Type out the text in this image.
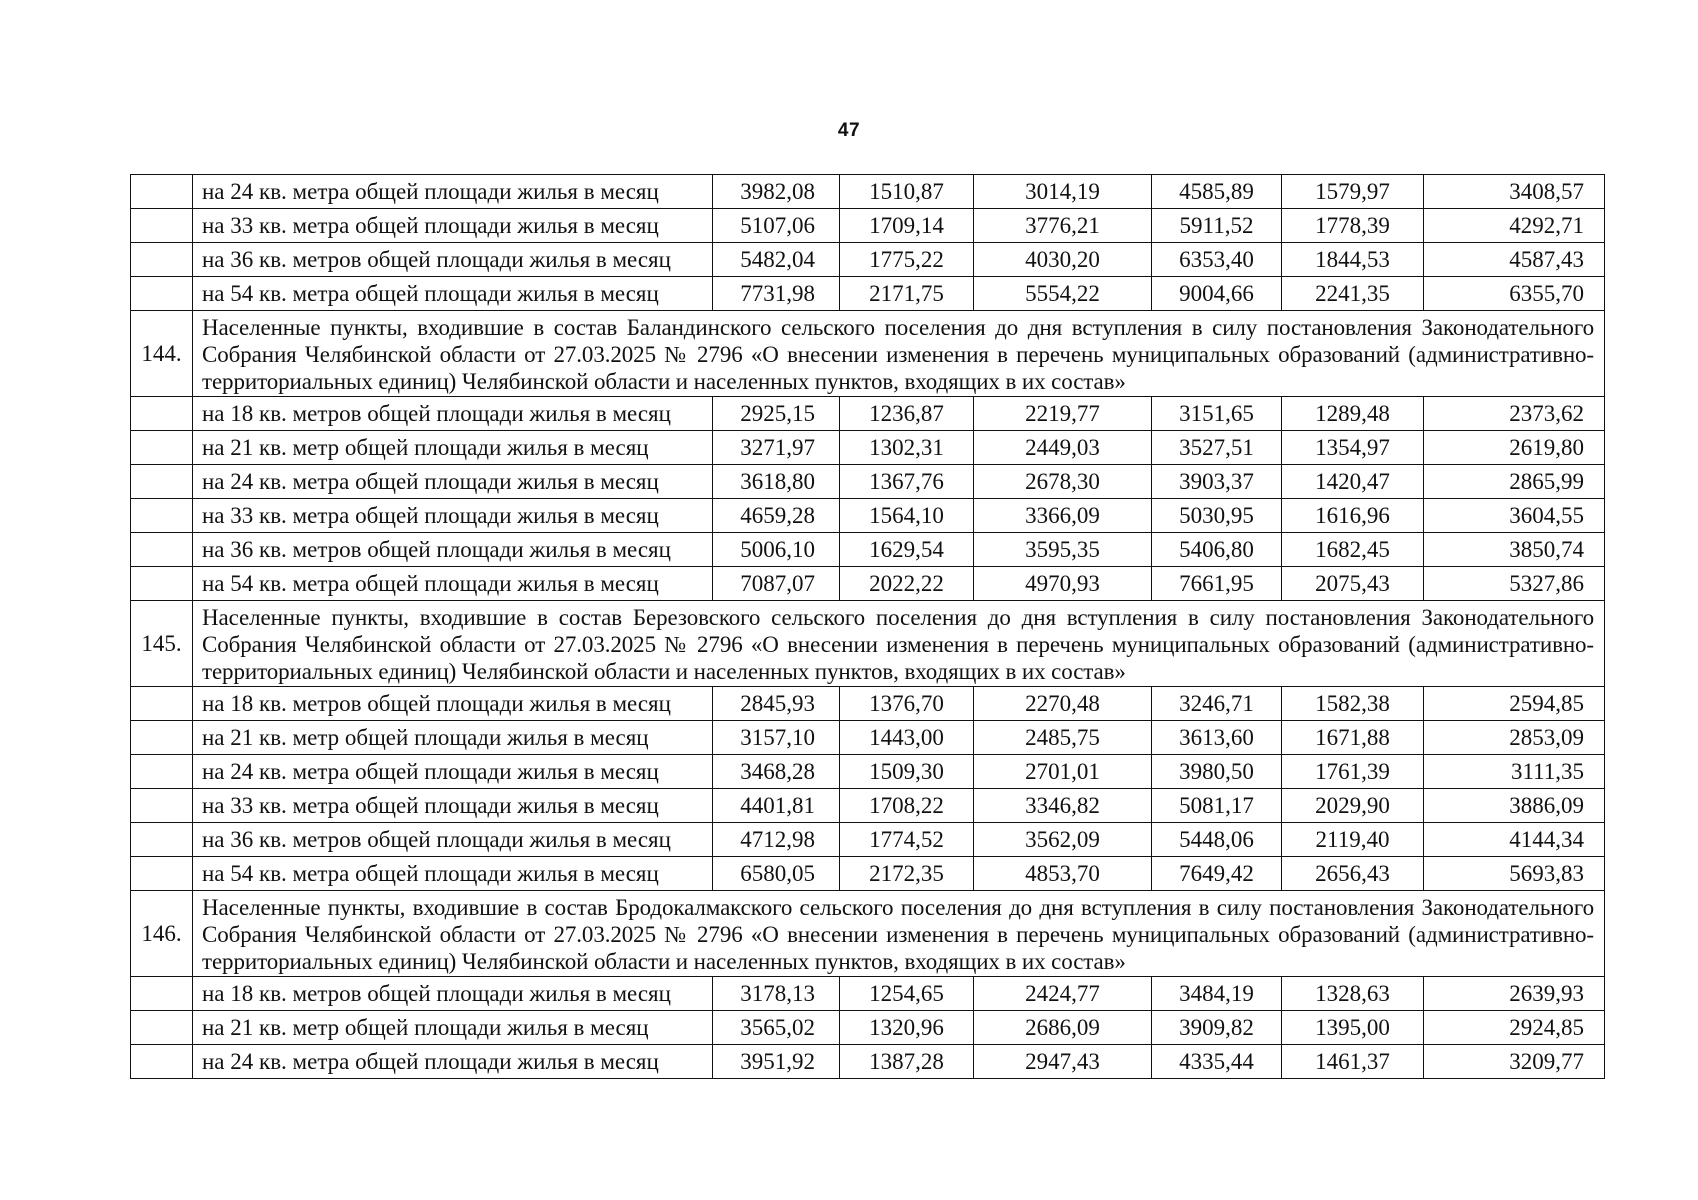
47
	на 24 кв. метра общей площади жилья в месяц	3982,08	1510,87	3014,19	4585,89	1579,97	3408,57
	на 33 кв. метра общей площади жилья в месяц	5107,06	1709,14	3776,21	5911,52	1778,39	4292,71
	на 36 кв. метров общей площади жилья в месяц	5482,04	1775,22	4030,20	6353,40	1844,53	4587,43
	на 54 кв. метра общей площади жилья в месяц	7731,98	2171,75	5554,22	9004,66	2241,35	6355,70
144.	Населенные пункты, входившие в состав Баландинского сельского поселения до дня вступления в силу постановления Законодательного Собрания Челябинской области от 27.03.2025 № 2796 «О внесении изменения в перечень муниципальных образований (административно-территориальных единиц) Челябинской области и населенных пунктов, входящих в их состав»						
	на 18 кв. метров общей площади жилья в месяц	2925,15	1236,87	2219,77	3151,65	1289,48	2373,62
	на 21 кв. метр общей площади жилья в месяц	3271,97	1302,31	2449,03	3527,51	1354,97	2619,80
	на 24 кв. метра общей площади жилья в месяц	3618,80	1367,76	2678,30	3903,37	1420,47	2865,99
	на 33 кв. метра общей площади жилья в месяц	4659,28	1564,10	3366,09	5030,95	1616,96	3604,55
	на 36 кв. метров общей площади жилья в месяц	5006,10	1629,54	3595,35	5406,80	1682,45	3850,74
	на 54 кв. метра общей площади жилья в месяц	7087,07	2022,22	4970,93	7661,95	2075,43	5327,86
145.	Населенные пункты, входившие в состав Березовского сельского поселения до дня вступления в силу постановления Законодательного Собрания Челябинской области от 27.03.2025 № 2796 «О внесении изменения в перечень муниципальных образований (административно-территориальных единиц) Челябинской области и населенных пунктов, входящих в их состав»						
	на 18 кв. метров общей площади жилья в месяц	2845,93	1376,70	2270,48	3246,71	1582,38	2594,85
	на 21 кв. метр общей площади жилья в месяц	3157,10	1443,00	2485,75	3613,60	1671,88	2853,09
	на 24 кв. метра общей площади жилья в месяц	3468,28	1509,30	2701,01	3980,50	1761,39	3111,35
	на 33 кв. метра общей площади жилья в месяц	4401,81	1708,22	3346,82	5081,17	2029,90	3886,09
	на 36 кв. метров общей площади жилья в месяц	4712,98	1774,52	3562,09	5448,06	2119,40	4144,34
	на 54 кв. метра общей площади жилья в месяц	6580,05	2172,35	4853,70	7649,42	2656,43	5693,83
146.	Населенные пункты, входившие в состав Бродокалмакского сельского поселения до дня вступления в силу постановления Законодательного Собрания Челябинской области от 27.03.2025 № 2796 «О внесении изменения в перечень муниципальных образований (административно-территориальных единиц) Челябинской области и населенных пунктов, входящих в их состав»						
	на 18 кв. метров общей площади жилья в месяц	3178,13	1254,65	2424,77	3484,19	1328,63	2639,93
	на 21 кв. метр общей площади жилья в месяц	3565,02	1320,96	2686,09	3909,82	1395,00	2924,85
	на 24 кв. метра общей площади жилья в месяц	3951,92	1387,28	2947,43	4335,44	1461,37	3209,77
